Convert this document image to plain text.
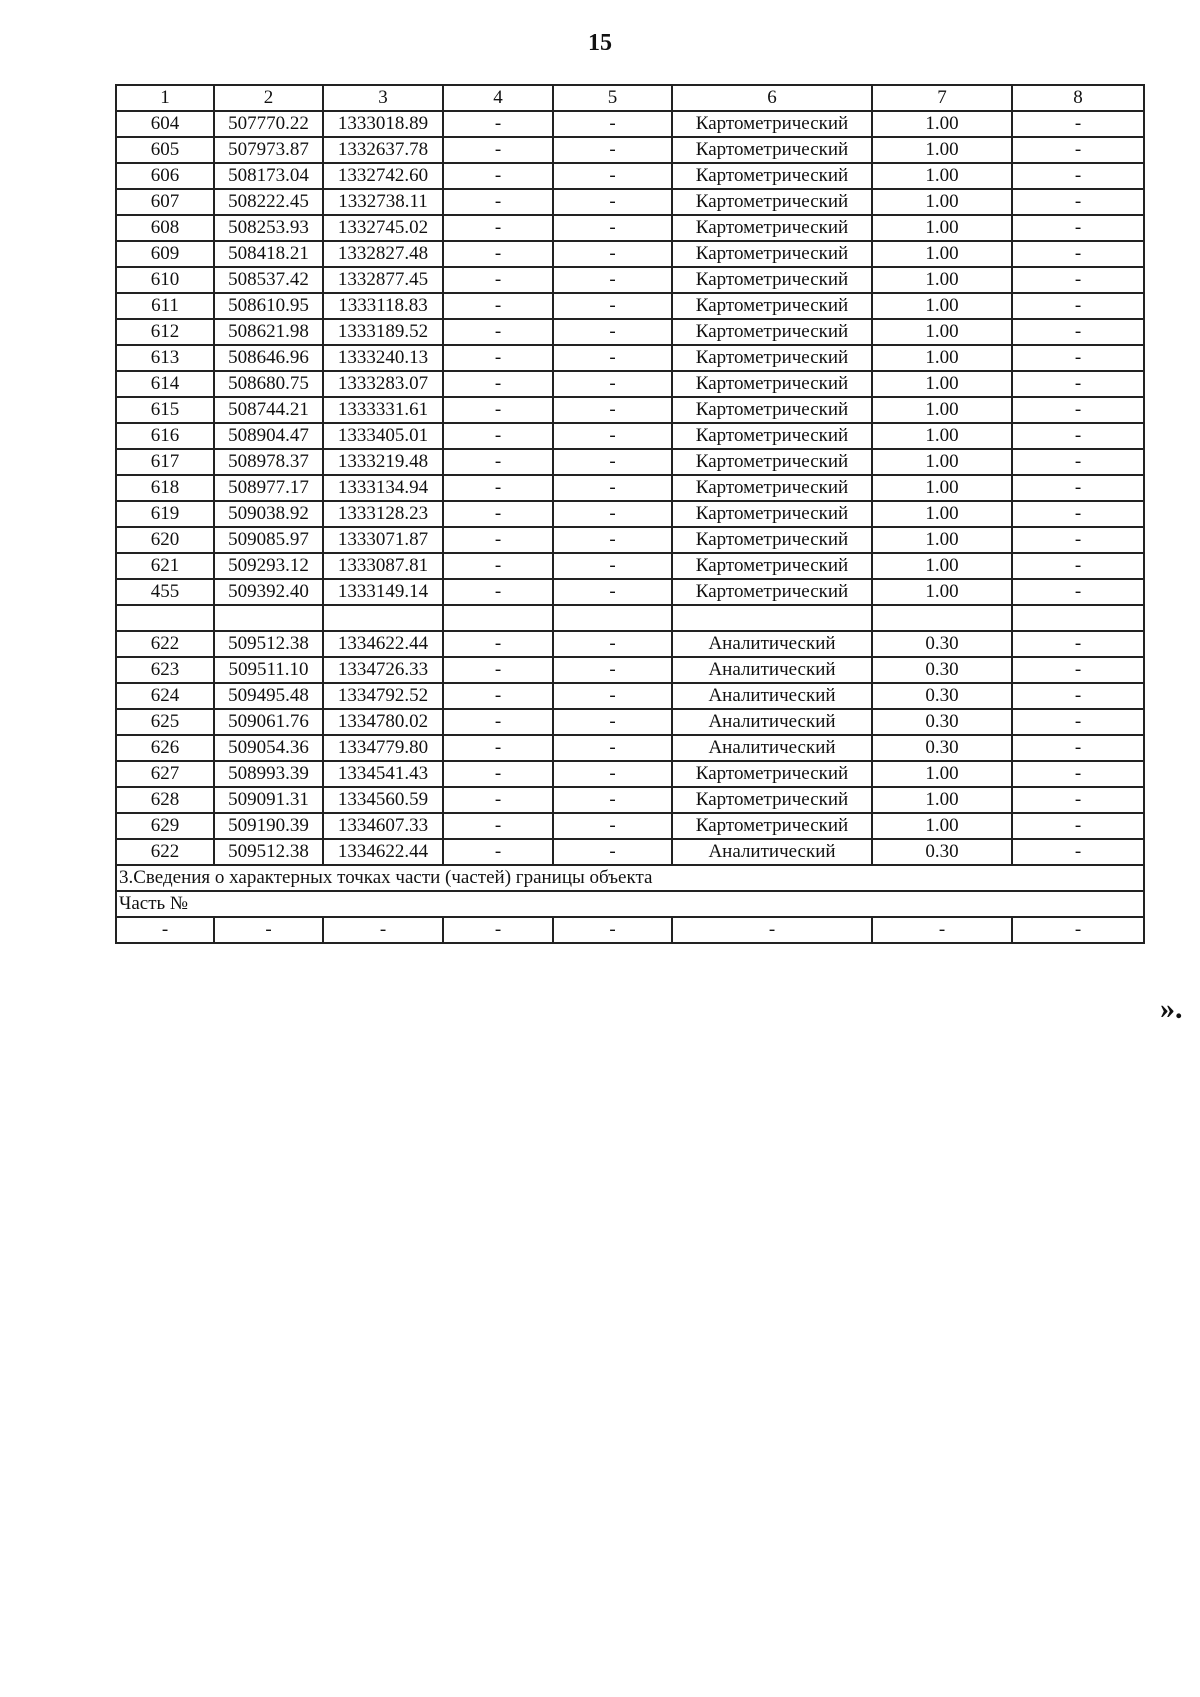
15
1	2	3	4	5	6	7	8
604	507770.22	1333018.89	-	-	Картометрический	1.00	-
605	507973.87	1332637.78	-	-	Картометрический	1.00	-
606	508173.04	1332742.60	-	-	Картометрический	1.00	-
607	508222.45	1332738.11	-	-	Картометрический	1.00	-
608	508253.93	1332745.02	-	-	Картометрический	1.00	-
609	508418.21	1332827.48	-	-	Картометрический	1.00	-
610	508537.42	1332877.45	-	-	Картометрический	1.00	-
611	508610.95	1333118.83	-	-	Картометрический	1.00	-
612	508621.98	1333189.52	-	-	Картометрический	1.00	-
613	508646.96	1333240.13	-	-	Картометрический	1.00	-
614	508680.75	1333283.07	-	-	Картометрический	1.00	-
615	508744.21	1333331.61	-	-	Картометрический	1.00	-
616	508904.47	1333405.01	-	-	Картометрический	1.00	-
617	508978.37	1333219.48	-	-	Картометрический	1.00	-
618	508977.17	1333134.94	-	-	Картометрический	1.00	-
619	509038.92	1333128.23	-	-	Картометрический	1.00	-
620	509085.97	1333071.87	-	-	Картометрический	1.00	-
621	509293.12	1333087.81	-	-	Картометрический	1.00	-
455	509392.40	1333149.14	-	-	Картометрический	1.00	-

622	509512.38	1334622.44	-	-	Аналитический	0.30	-
623	509511.10	1334726.33	-	-	Аналитический	0.30	-
624	509495.48	1334792.52	-	-	Аналитический	0.30	-
625	509061.76	1334780.02	-	-	Аналитический	0.30	-
626	509054.36	1334779.80	-	-	Аналитический	0.30	-
627	508993.39	1334541.43	-	-	Картометрический	1.00	-
628	509091.31	1334560.59	-	-	Картометрический	1.00	-
629	509190.39	1334607.33	-	-	Картометрический	1.00	-
622	509512.38	1334622.44	-	-	Аналитический	0.30	-
3.Сведения о характерных точках части (частей) границы объекта							
Часть №							
-	-	-	-	-	-	-	-
».
